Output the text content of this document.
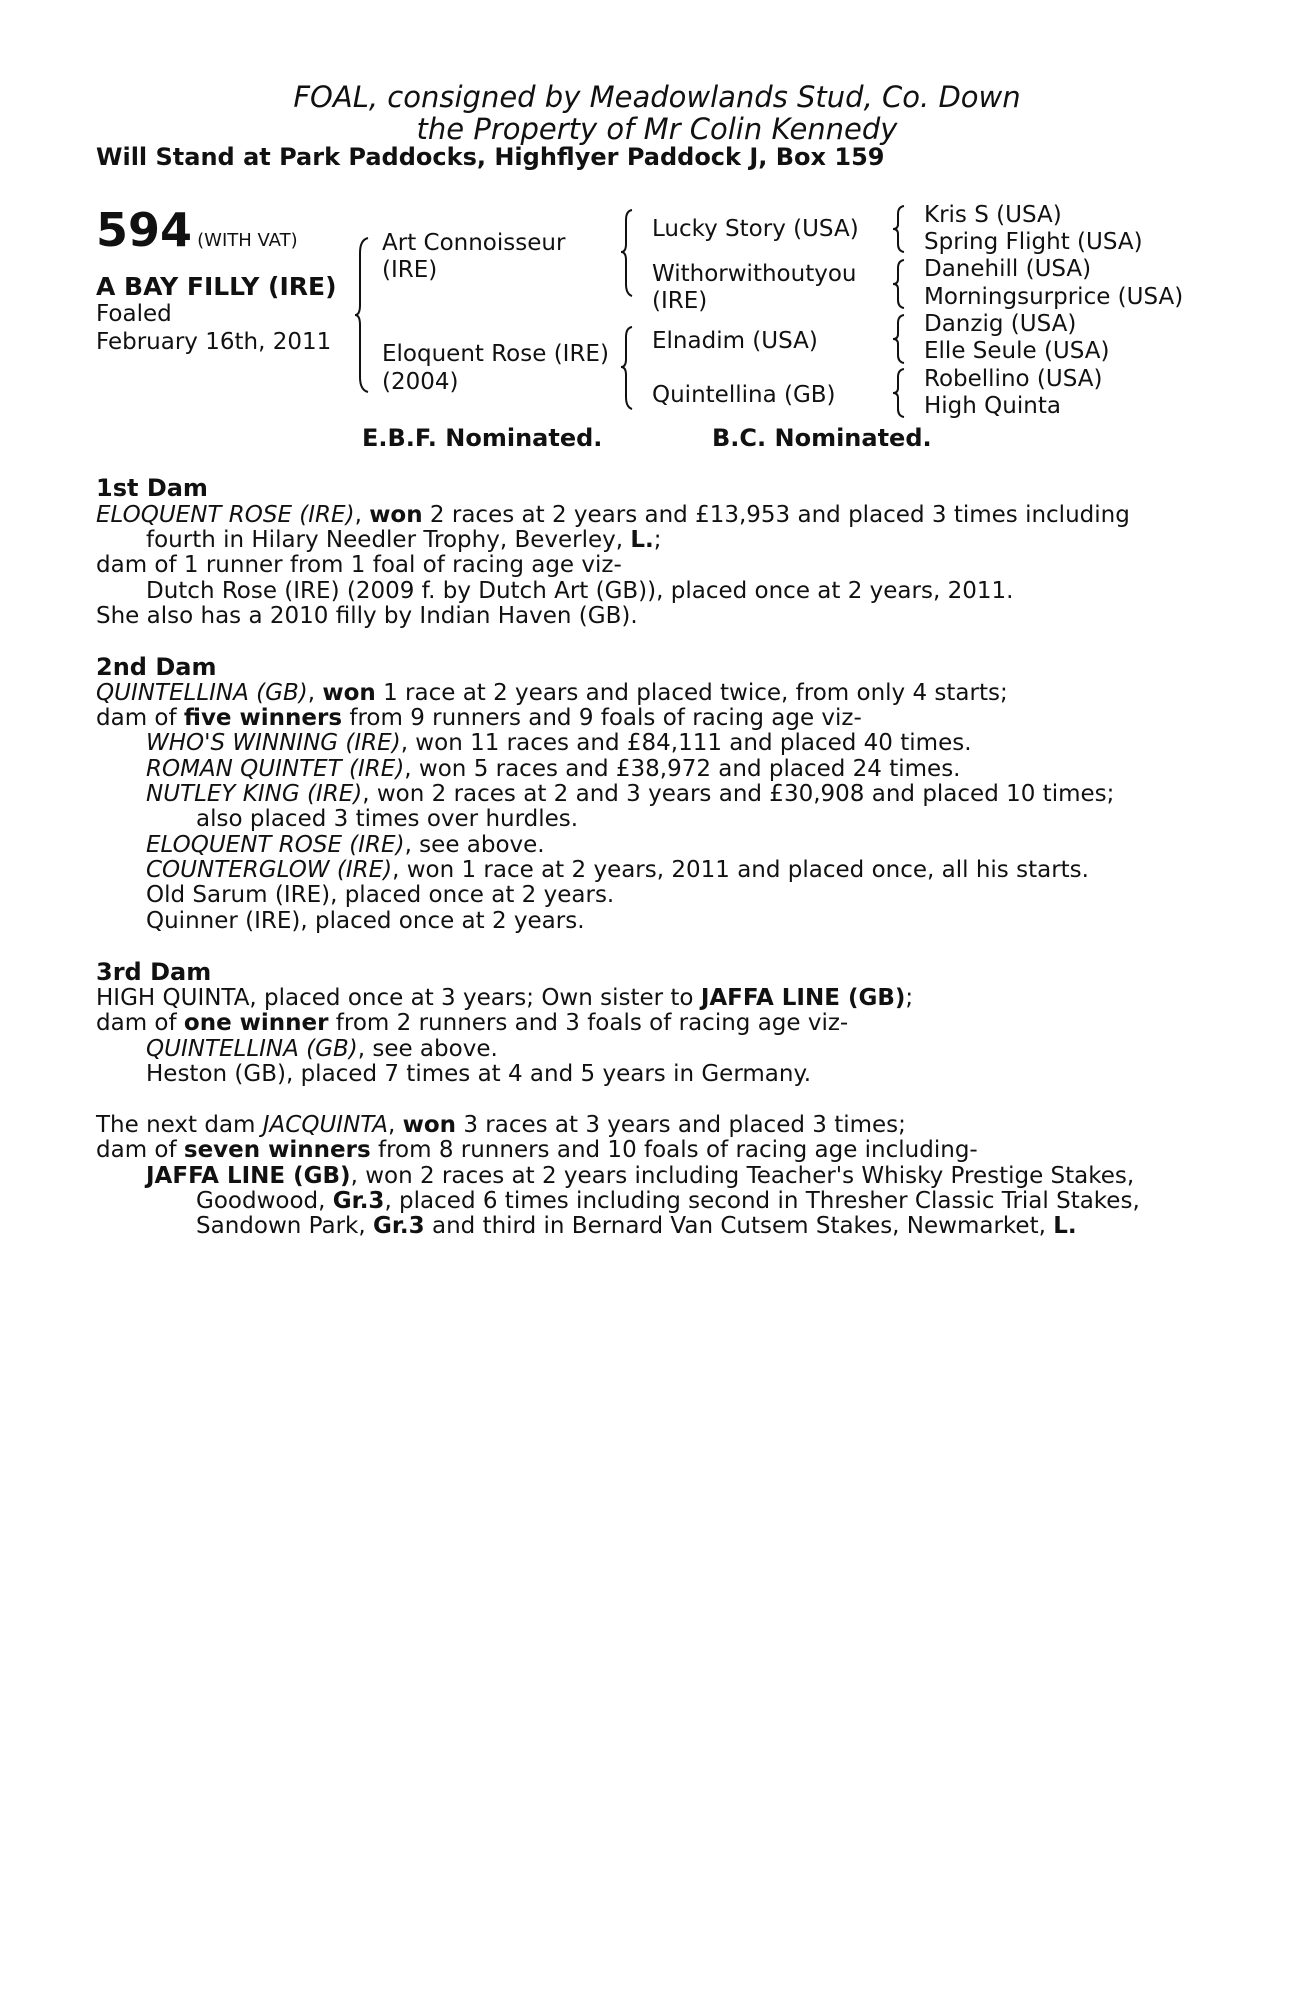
FOAL, consigned by Meadowlands Stud, Co. Down
the Property of Mr Colin Kennedy
Will Stand at Park Paddocks, Highflyer Paddock J, Box 159
594 (WITH VAT)
A BAY FILLY (IRE)
Foaled
February 16th, 2011
Art Connoisseur
(IRE)
Eloquent Rose (IRE)
(2004)
Lucky Story (USA)
Withorwithoutyou
(IRE)
Elnadim (USA)
Quintellina (GB)
Kris S (USA)
Spring Flight (USA)
Danehill (USA)
Morningsurprice (USA)
Danzig (USA)
Elle Seule (USA)
Robellino (USA)
High Quinta
E.B.F. Nominated.	B.C. Nominated.
1st Dam
ELOQUENT ROSE (IRE), won 2 races at 2 years and £13,953 and placed 3 times including
fourth in Hilary Needler Trophy, Beverley, L.;
dam of 1 runner from 1 foal of racing age viz-
Dutch Rose (IRE) (2009 f. by Dutch Art (GB)), placed once at 2 years, 2011.
She also has a 2010 filly by Indian Haven (GB).
2nd Dam
QUINTELLINA (GB), won 1 race at 2 years and placed twice, from only 4 starts;
dam of five winners from 9 runners and 9 foals of racing age viz-
WHO'S WINNING (IRE), won 11 races and £84,111 and placed 40 times.
ROMAN QUINTET (IRE), won 5 races and £38,972 and placed 24 times.
NUTLEY KING (IRE), won 2 races at 2 and 3 years and £30,908 and placed 10 times;
also placed 3 times over hurdles.
ELOQUENT ROSE (IRE), see above.
COUNTERGLOW (IRE), won 1 race at 2 years, 2011 and placed once, all his starts.
Old Sarum (IRE), placed once at 2 years.
Quinner (IRE), placed once at 2 years.
3rd Dam
HIGH QUINTA, placed once at 3 years; Own sister to JAFFA LINE (GB);
dam of one winner from 2 runners and 3 foals of racing age viz-
QUINTELLINA (GB), see above.
Heston (GB), placed 7 times at 4 and 5 years in Germany.
The next dam JACQUINTA, won 3 races at 3 years and placed 3 times;
dam of seven winners from 8 runners and 10 foals of racing age including-
JAFFA LINE (GB), won 2 races at 2 years including Teacher's Whisky Prestige Stakes,
Goodwood, Gr.3, placed 6 times including second in Thresher Classic Trial Stakes,
Sandown Park, Gr.3 and third in Bernard Van Cutsem Stakes, Newmarket, L.
